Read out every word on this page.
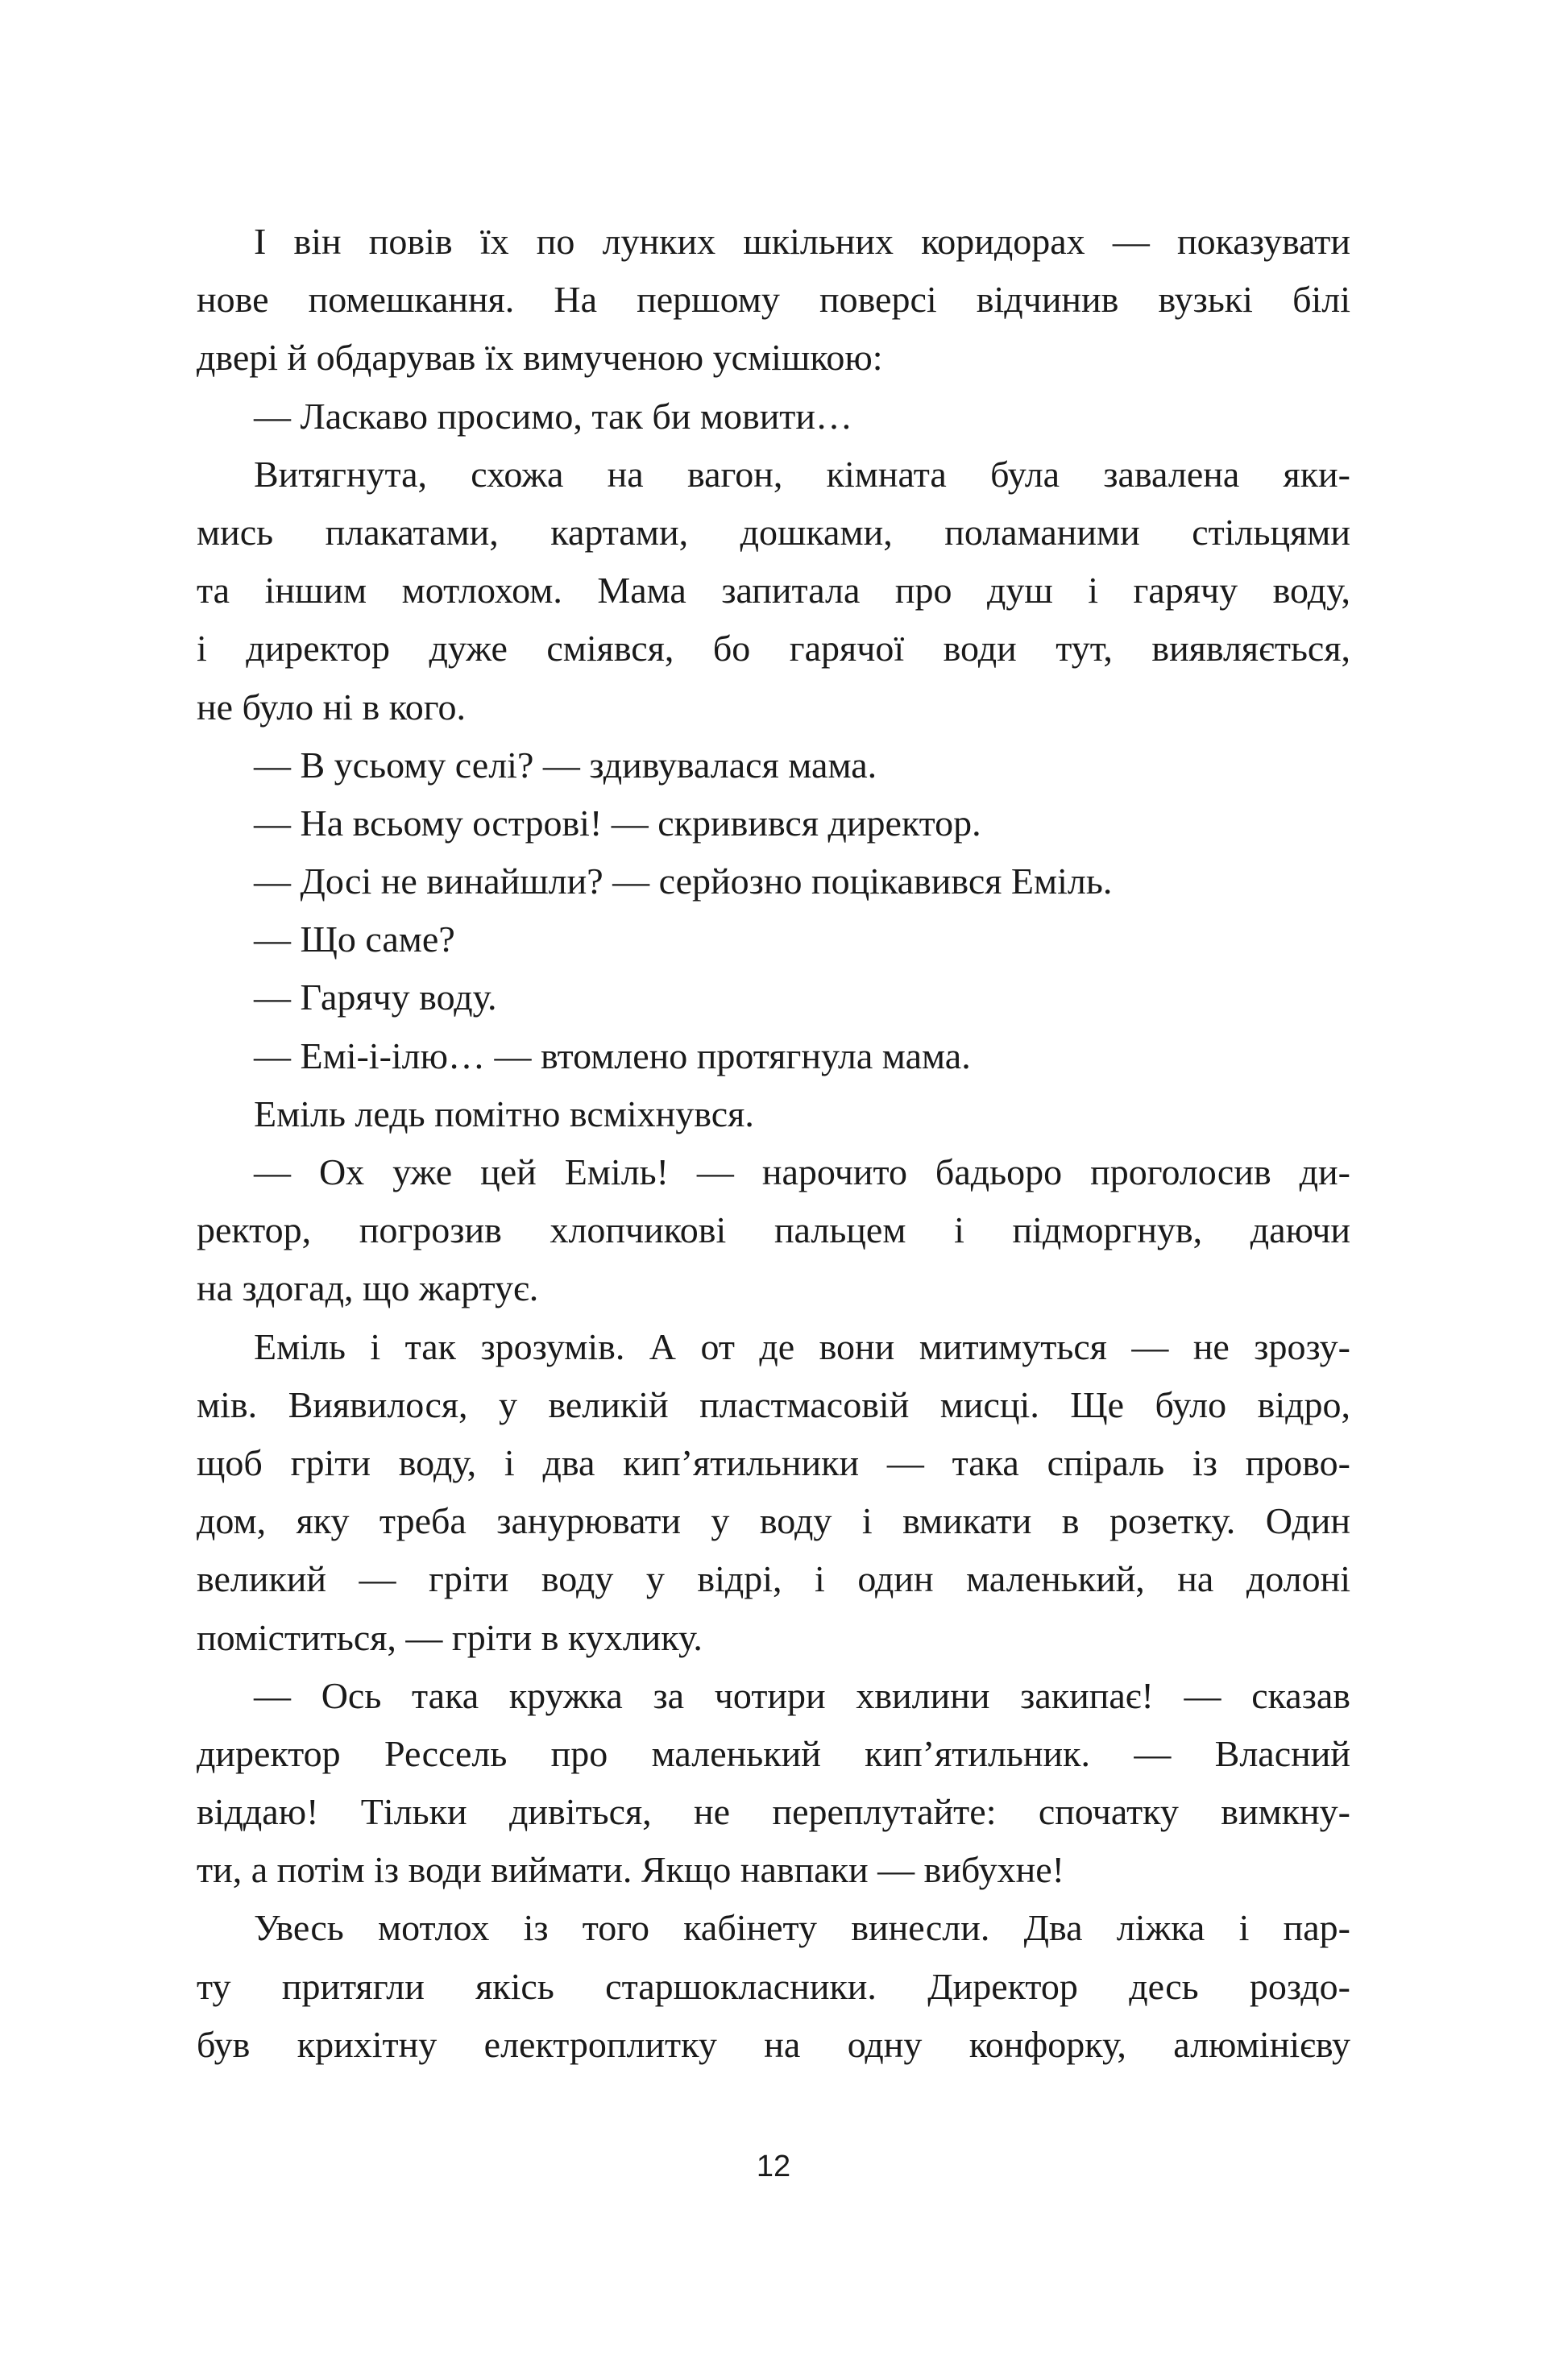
І він повів їх по лунких шкільних коридорах — показувати
нове помешкання. На першому поверсі відчинив вузькі білі
двері й обдарував їх вимученою усмішкою:
— Ласкаво просимо, так би мовити…
Витягнута, схожа на вагон, кімната була завалена яки-
мись плакатами, картами, дошками, поламаними стільцями
та іншим мотлохом. Мама запитала про душ і гарячу воду,
і директор дуже сміявся, бо гарячої води тут, виявляється,
не було ні в кого.
— В усьому селі? — здивувалася мама.
— На всьому острові! — скривився директор.
— Досі не винайшли? — серйозно поцікавився Еміль.
— Що саме?
— Гарячу воду.
— Емі-і-ілю… — втомлено протягнула мама.
Еміль ледь помітно всміхнувся.
— Ох уже цей Еміль! — нарочито бадьоро проголосив ди-
ректор, погрозив хлопчикові пальцем і підморгнув, даючи
на здогад, що жартує.
Еміль і так зрозумів. А от де вони митимуться — не зрозу-
мів. Виявилося, у великій пластмасовій мисці. Ще було відро,
щоб гріти воду, і два кип’ятильники — така спіраль із прово-
дом, яку треба занурювати у воду і вмикати в розетку. Один
великий — гріти воду у відрі, і один маленький, на долоні
поміститься, — гріти в кухлику.
— Ось така кружка за чотири хвилини закипає! — сказав
директор Рессель про маленький кип’ятильник. — Власний
віддаю! Тільки дивіться, не переплутайте: спочатку вимкну-
ти, а потім із води виймати. Якщо навпаки — вибухне!
Увесь мотлох із того кабінету винесли. Два ліжка і пар-
ту притягли якісь старшокласники. Директор десь роздо-
був крихітну електроплитку на одну конфорку, алюмінієву
12
